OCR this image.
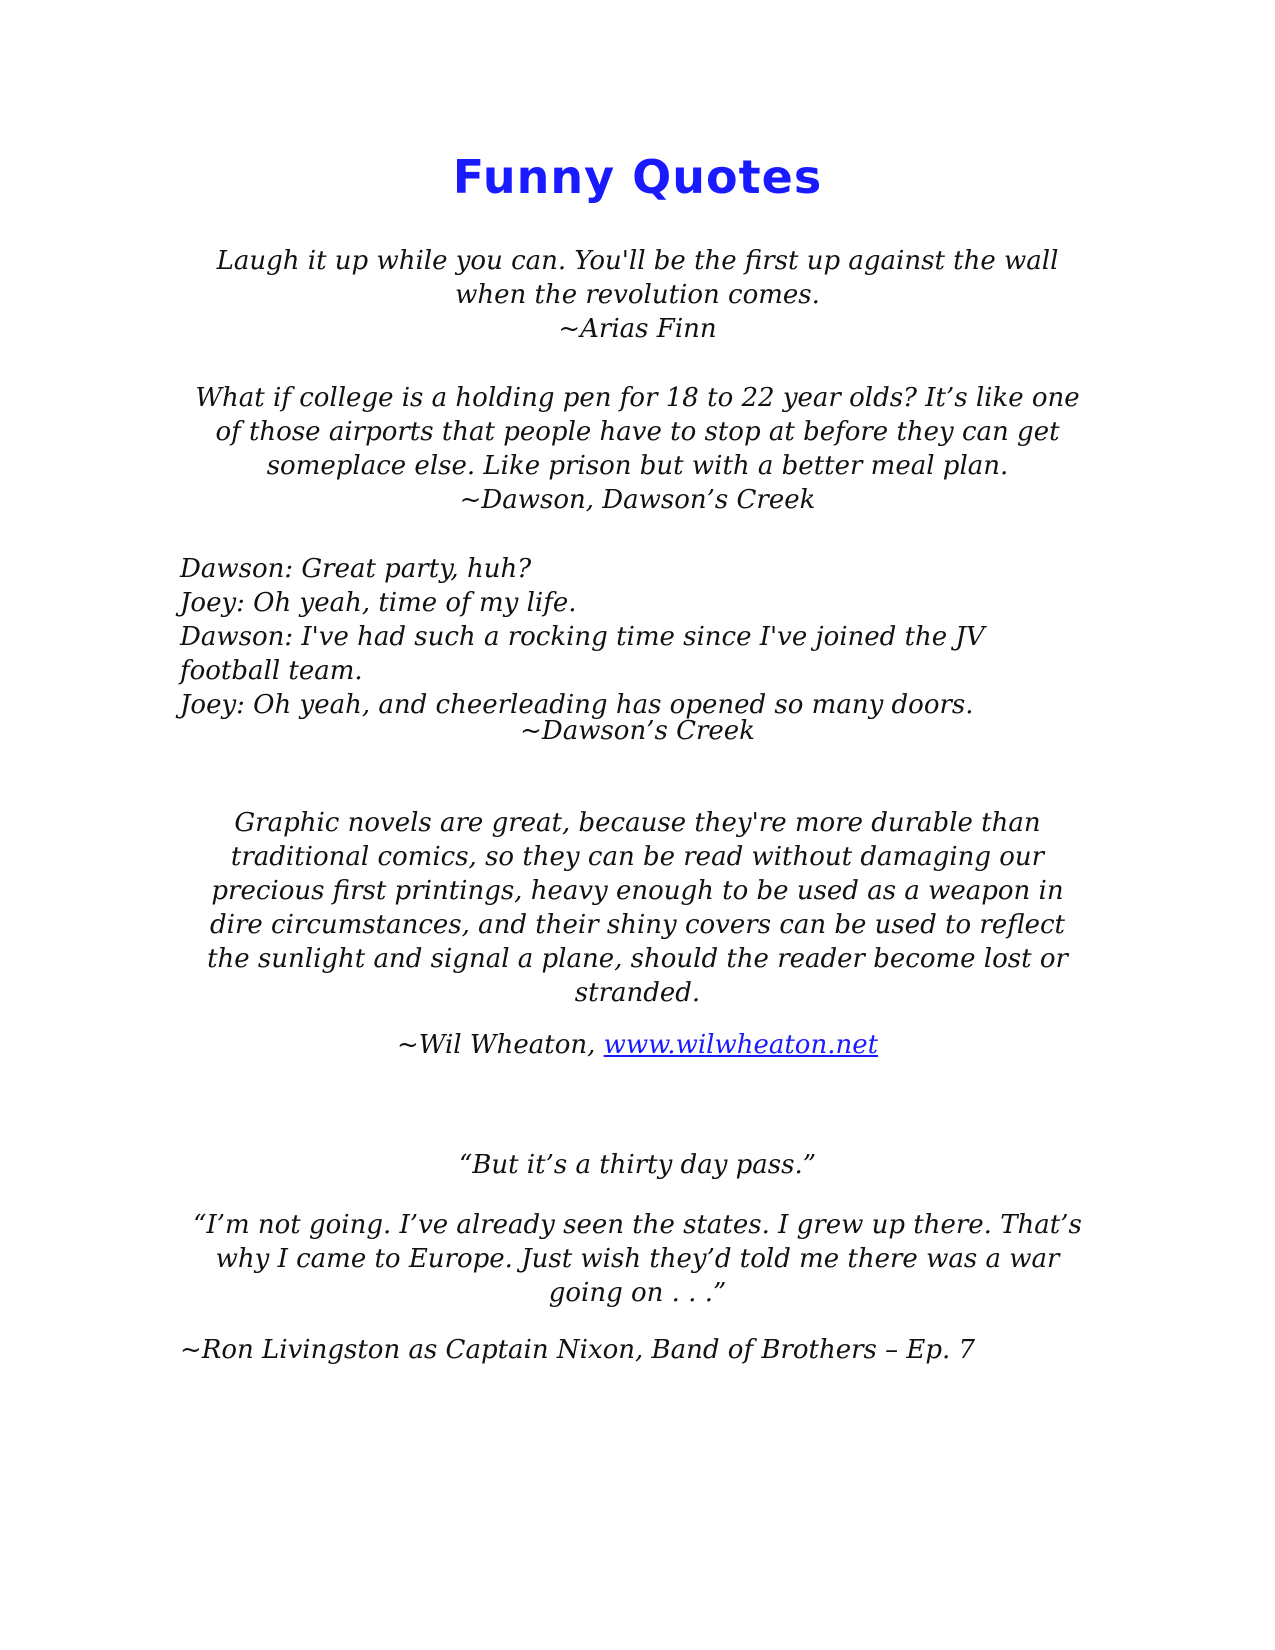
Funny Quotes
Laugh it up while you can. You'll be the first up against the wall
when the revolution comes.
~Arias Finn
What if college is a holding pen for 18 to 22 year olds? It’s like one
of those airports that people have to stop at before they can get
someplace else. Like prison but with a better meal plan.
~Dawson, Dawson’s Creek
Dawson: Great party, huh?
Joey: Oh yeah, time of my life.
Dawson: I've had such a rocking time since I've joined the JV
football team.
Joey: Oh yeah, and cheerleading has opened so many doors.
~Dawson’s Creek
Graphic novels are great, because they're more durable than
traditional comics, so they can be read without damaging our
precious first printings, heavy enough to be used as a weapon in
dire circumstances, and their shiny covers can be used to reflect
the sunlight and signal a plane, should the reader become lost or
stranded.
~Wil Wheaton, www.wilwheaton.net
“But it’s a thirty day pass.”
“I’m not going. I’ve already seen the states. I grew up there. That’s
why I came to Europe. Just wish they’d told me there was a war
going on . . .”
~Ron Livingston as Captain Nixon, Band of Brothers – Ep. 7
